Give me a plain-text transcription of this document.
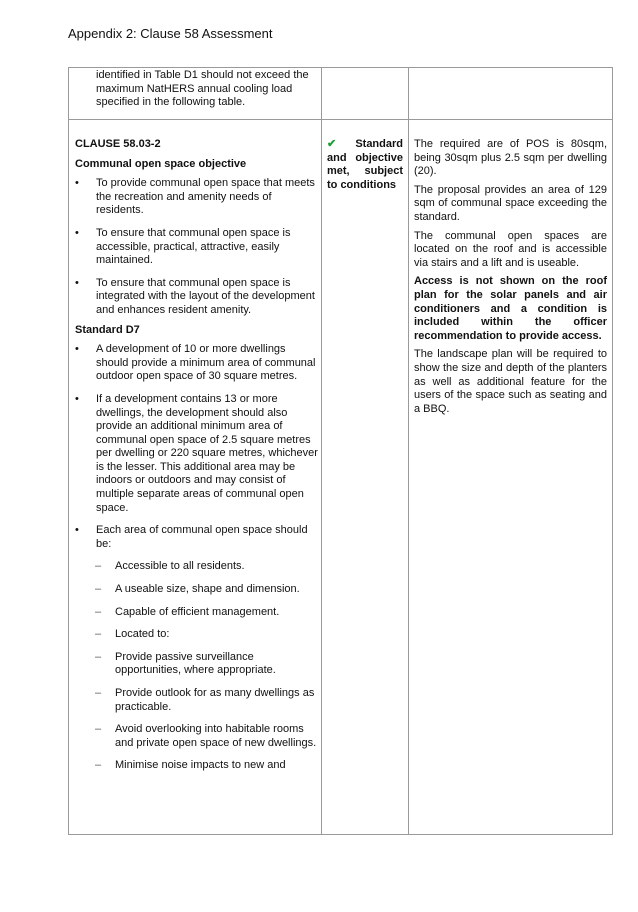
Appendix 2: Clause 58 Assessment
identified in Table D1 should not exceed the maximum NatHERS annual cooling load specified in the following table.
CLAUSE 58.03-2
Communal open space objective
• To provide communal open space that meets the recreation and amenity needs of residents.
• To ensure that communal open space is accessible, practical, attractive, easily maintained.
• To ensure that communal open space is integrated with the layout of the development and enhances resident amenity.
Standard D7
• A development of 10 or more dwellings should provide a minimum area of communal outdoor open space of 30 square metres.
• If a development contains 13 or more dwellings, the development should also provide an additional minimum area of communal open space of 2.5 square metres per dwelling or 220 square metres, whichever is the lesser. This additional area may be indoors or outdoors and may consist of multiple separate areas of communal open space.
• Each area of communal open space should be:
– Accessible to all residents.
– A useable size, shape and dimension.
– Capable of efficient management.
– Located to:
– Provide passive surveillance opportunities, where appropriate.
– Provide outlook for as many dwellings as practicable.
– Avoid overlooking into habitable rooms and private open space of new dwellings.
– Minimise noise impacts to new and
✔ Standard and objective met, subject to conditions

The required are of POS is 80sqm, being 30sqm plus 2.5 sqm per dwelling (20).

The proposal provides an area of 129 sqm of communal space exceeding the standard.

The communal open spaces are located on the roof and is accessible via stairs and a lift and is useable.

Access is not shown on the roof plan for the solar panels and air conditioners and a condition is included within the officer recommendation to provide access.

The landscape plan will be required to show the size and depth of the planters as well as additional feature for the users of the space such as seating and a BBQ.
